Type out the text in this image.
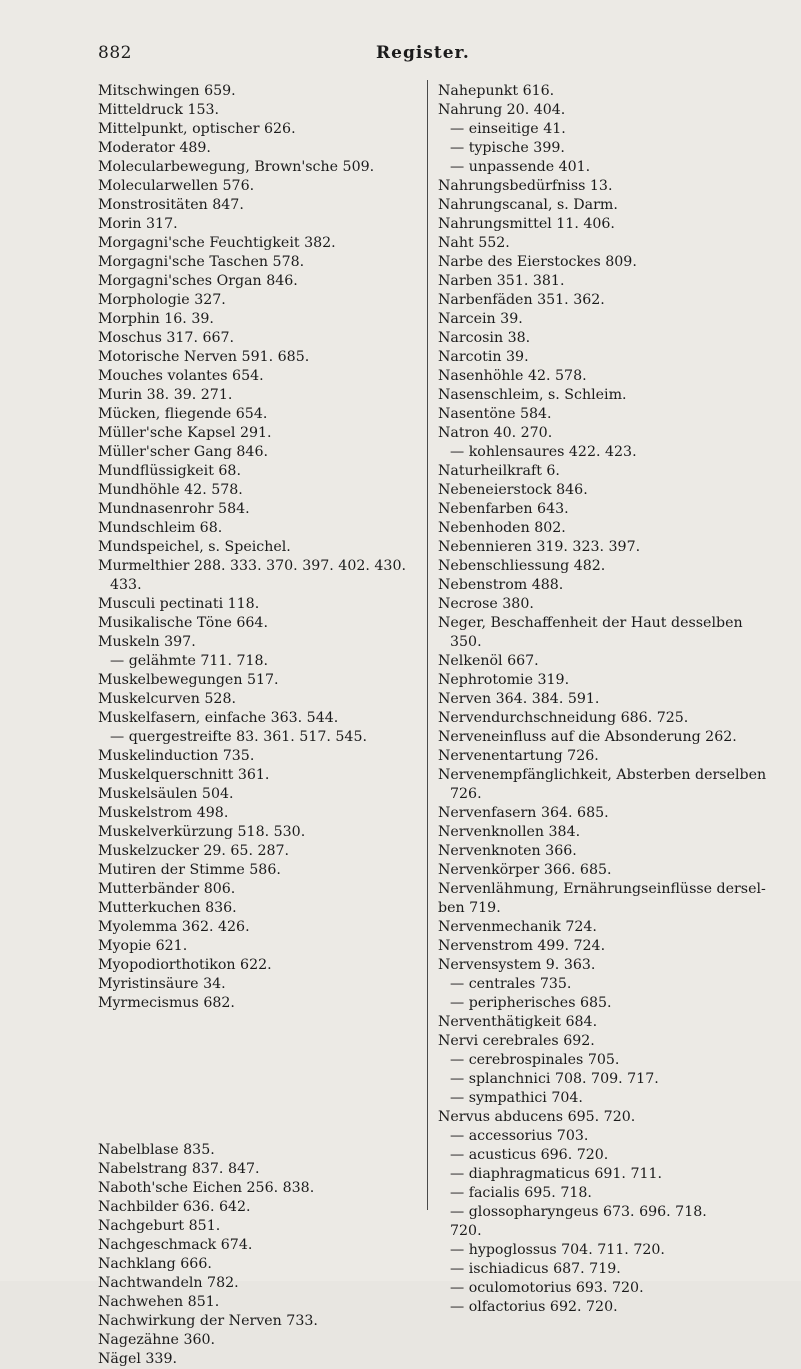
882	Register.
Mitschwingen 659.
Mitteldruck 153.
Mittelpunkt, optischer 626.
Moderator 489.
Molecularbewegung, Brown'sche 509.
Molecularwellen 576.
Monstrositäten 847.
Morin 317.
Morgagni'sche Feuchtigkeit 382.
Morgagni'sche Taschen 578.
Morgagni'sches Organ 846.
Morphologie 327.
Morphin 16. 39.
Moschus 317. 667.
Motorische Nerven 591. 685.
Mouches volantes 654.
Murin 38. 39. 271.
Mücken, fliegende 654.
Müller'sche Kapsel 291.
Müller'scher Gang 846.
Mundflüssigkeit 68.
Mundhöhle 42. 578.
Mundnasenrohr 584.
Mundschleim 68.
Mundspeichel, s. Speichel.
Murmelthier 288. 333. 370. 397. 402. 430.
433.
Musculi pectinati 118.
Musikalische Töne 664.
Muskeln 397.
— gelähmte 711. 718.
Muskelbewegungen 517.
Muskelcurven 528.
Muskelfasern, einfache 363. 544.
— quergestreifte 83. 361. 517. 545.
Muskelinduction 735.
Muskelquerschnitt 361.
Muskelsäulen 504.
Muskelstrom 498.
Muskelverkürzung 518. 530.
Muskelzucker 29. 65. 287.
Mutiren der Stimme 586.
Mutterbänder 806.
Mutterkuchen 836.
Myolemma 362. 426.
Myopie 621.
Myopodiorthotikon 622.
Myristinsäure 34.
Myrmecismus 682.
Nabelblase 835.
Nabelstrang 837. 847.
Naboth'sche Eichen 256. 838.
Nachbilder 636. 642.
Nachgeburt 851.
Nachgeschmack 674.
Nachklang 666.
Nachtwandeln 782.
Nachwehen 851.
Nachwirkung der Nerven 733.
Nagezähne 360.
Nägel 339.
Nahepunkt 616.
Nahrung 20. 404.
— einseitige 41.
— typische 399.
— unpassende 401.
Nahrungsbedürfniss 13.
Nahrungscanal, s. Darm.
Nahrungsmittel 11. 406.
Naht 552.
Narbe des Eierstockes 809.
Narben 351. 381.
Narbenfäden 351. 362.
Narcein 39.
Narcosin 38.
Narcotin 39.
Nasenhöhle 42. 578.
Nasenschleim, s. Schleim.
Nasentöne 584.
Natron 40. 270.
— kohlensaures 422. 423.
Naturheilkraft 6.
Nebeneierstock 846.
Nebenfarben 643.
Nebenhoden 802.
Nebennieren 319. 323. 397.
Nebenschliessung 482.
Nebenstrom 488.
Necrose 380.
Neger, Beschaffenheit der Haut desselben
350.
Nelkenöl 667.
Nephrotomie 319.
Nerven 364. 384. 591.
Nervendurchschneidung 686. 725.
Nerveneinfluss auf die Absonderung 262.
Nervenentartung 726.
Nervenempfänglichkeit, Absterben derselben
726.
Nervenfasern 364. 685.
Nervenknollen 384.
Nervenknoten 366.
Nervenkörper 366. 685.
Nervenlähmung, Ernährungseinflüsse dersel-
ben 719.
Nervenmechanik 724.
Nervenstrom 499. 724.
Nervensystem 9. 363.
— centrales 735.
— peripherisches 685.
Nerventhätigkeit 684.
Nervi cerebrales 692.
— cerebrospinales 705.
— splanchnici 708. 709. 717.
— sympathici 704.
Nervus abducens 695. 720.
— accessorius 703.
— acusticus 696. 720.
— diaphragmaticus 691. 711.
— facialis 695. 718.
— glossopharyngeus 673. 696. 718.
720.
— hypoglossus 704. 711. 720.
— ischiadicus 687. 719.
— oculomotorius 693. 720.
— olfactorius 692. 720.
